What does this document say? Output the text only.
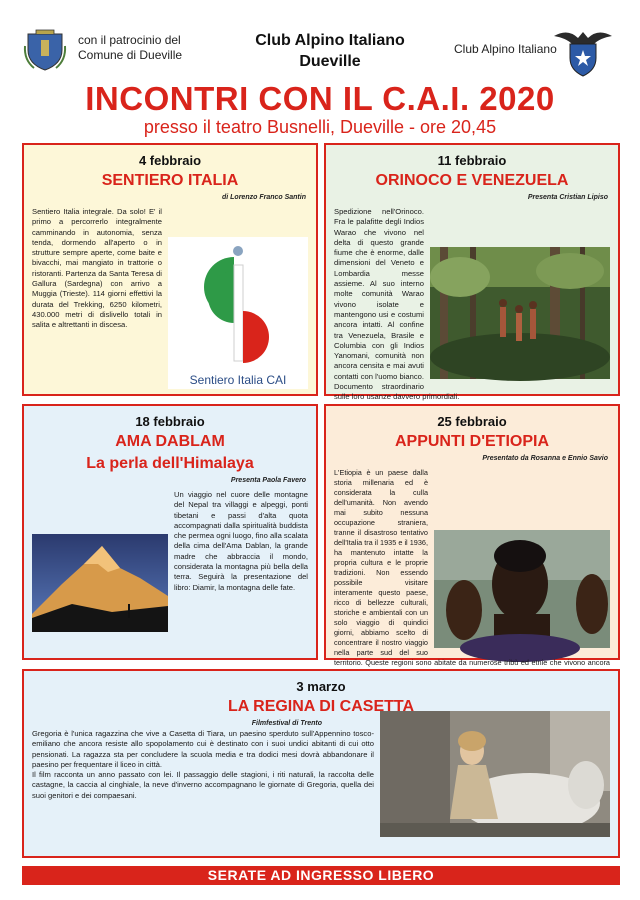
con il patrocinio del
Comune di Dueville
Club Alpino Italiano
Dueville
Club Alpino Italiano
INCONTRI CON IL C.A.I. 2020
presso il teatro Busnelli, Dueville - ore 20,45
4 febbraio
SENTIERO ITALIA
di Lorenzo Franco Santin
Sentiero Italia CAI

Sentiero Italia integrale. Da solo! E' il primo a percorrerlo integralmente camminando in autonomia, senza tenda, dormendo all'aperto o in strutture sempre aperte, come baite e bivacchi, mai mangiato in trattorie o ristoranti. Partenza da Santa Teresa di Gallura (Sardegna) con arrivo a Muggia (Trieste). 114 giorni effettivi la durata del Trekking, 6250 kilometri, 430.000 metri di dislivello totali in salita e altrettanti in discesa.

11 febbraio
ORINOCO E VENEZUELA
Presenta Cristian Lipiso

Spedizione nell'Orinoco. Fra le palafitte degli Indios Warao che vivono nel delta di questo grande fiume che è enorme, dalle dimensioni del Veneto e Lombardia messe assieme. Al suo interno molte comunità Warao vivono isolate e mantengono usi e costumi ancora intatti. Al confine tra Venezuela, Brasile e Columbia con gli Indios Yanomani, comunità non ancora censita e mai avuti contatti con l'uomo bianco. Documento straordinario sulle loro usanze davvero primordiali.

18 febbraio
AMA DABLAM
La perla dell'Himalaya
Presenta Paola Favero

Un viaggio nel cuore delle montagne del Nepal tra villaggi e alpeggi, ponti tibetani e passi d'alta quota accompagnati dalla spiritualità buddista che permea ogni luogo, fino alla scalata della cima dell'Ama Dablan, la grande madre che abbraccia il mondo, considerata la montagna più bella della terra. Seguirà la presentazione del libro: Diamir, la montagna delle fate.

25 febbraio
APPUNTI D'ETIOPIA
Presentato da Rosanna e Ennio Savio

L'Etiopia è un paese dalla storia millenaria ed è considerata la culla dell'umanità. Non avendo mai subito nessuna occupazione straniera, tranne il disastroso tentativo dell'Italia tra il 1935 e il 1936, ha mantenuto intatte la propria cultura e le proprie tradizioni. Non essendo possibile visitare interamente questo paese, ricco di bellezze culturali, storiche e ambientali con un solo viaggio di quindici giorni, abbiamo scelto di concentrare il nostro viaggio nella parte sud del suo territorio. Queste regioni sono abitate da numerose tribù ed etnie che vivono ancora

3 marzo
LA REGINA DI CASETTA
Filmfestival di Trento

Gregoria è l'unica ragazzina che vive a Casetta di Tiara, un paesino sperduto sull'Appennino tosco-emiliano che ancora resiste allo spopolamento cui è destinato con i suoi undici abitanti di cui otto pensionati. La ragazza sta per concludere la scuola media e tra dodici mesi dovrà abbandonare il paesino per frequentare il liceo in città.

Il film racconta un anno passato con lei. Il passaggio delle stagioni, i riti naturali, la raccolta delle castagne, la caccia al cinghiale, la neve d'inverno accompagnano le giornate di Gregoria, quella dei suoi genitori e dei compaesani.

SERATE AD INGRESSO LIBERO
